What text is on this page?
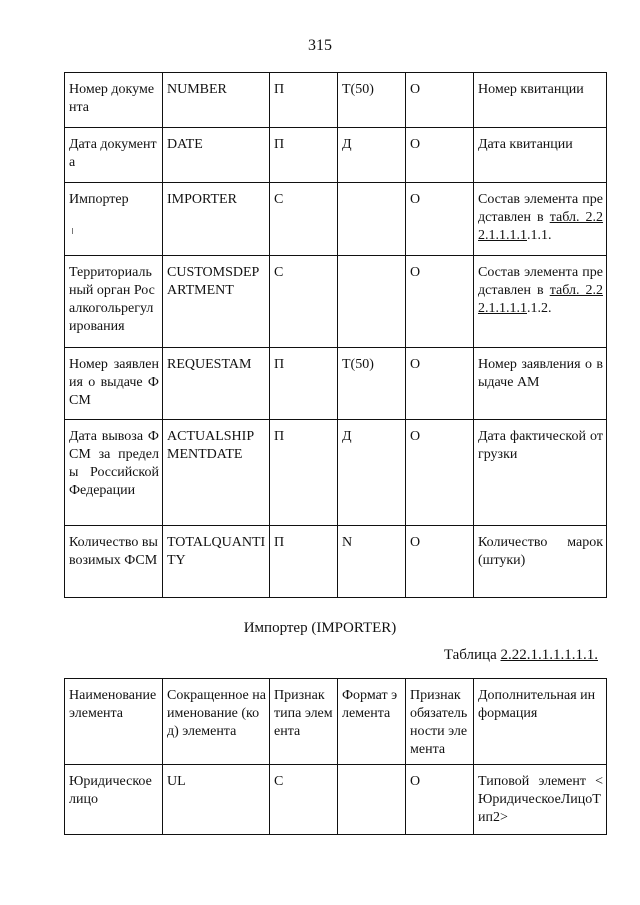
315
Номер документа	NUMBER	П	Т(50)	О	Номер квитанции
Дата документа	DATE	П	Д	О	Дата квитанции
Импортер	IMPORTER	С		О	Состав элемента представлен в табл. 2.22.1.1.1.1.1.1.
Территориальный орган Росалкогольрегулирования	CUSTOMSDEPARTMENT	С		О	Состав элемента представлен в табл. 2.22.1.1.1.1.1.2.
Номер заявления о выдаче ФСМ	REQUESTAM	П	Т(50)	О	Номер заявления о выдаче АМ
Дата вывоза ФСМ за пределы Российской Федерации	ACTUALSHIPMENTDATE	П	Д	О	Дата фактической отгрузки
Количество вывозимых ФСМ	TOTALQUANTITY	П	N	О	Количество марок (штуки)
Импортер (IMPORTER)
Таблица 2.22.1.1.1.1.1.1.
Наименование элемента	Сокращенное наименование (код) элемента	Признак типа элемента	Формат элемента	Признак обязательности элемента	Дополнительная информация
Юридическое лицо	UL	С		О	Типовой элемент <ЮридическоеЛицоТип2>
